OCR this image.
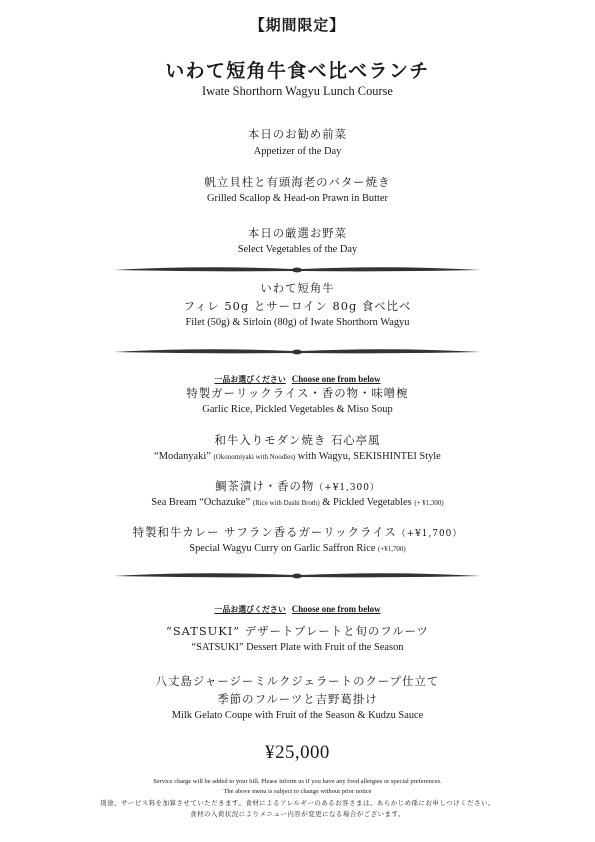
【期間限定】
いわて短角牛食べ比べランチ
Iwate Shorthorn Wagyu Lunch Course
本日のお勧め前菜
Appetizer of the Day
帆立貝柱と有頭海老のバター焼き
Grilled Scallop & Head-on Prawn in Butter
本日の厳選お野菜
Select Vegetables of the Day
いわて短角牛
フィレ 50g とサーロイン 80g 食べ比べ
Filet (50g) & Sirloin (80g) of Iwate Shorthorn Wagyu
一品お選びください Choose one from below
特製ガーリックライス・香の物・味噌椀
Garlic Rice, Pickled Vegetables & Miso Soup
和牛入りモダン焼き 石心亭風
“Modanyaki” (Okonomiyaki with Noodles) with Wagyu, SEKISHINTEI Style
鯛茶漬け・香の物（+¥1,300）
Sea Bream “Ochazuke” (Rice with Dashi Broth) & Pickled Vegetables (+ ¥1,300)
特製和牛カレー サフラン香るガーリックライス（+¥1,700）
Special Wagyu Curry on Garlic Saffron Rice (+¥1,700)
一品お選びください Choose one from below
“SATSUKI” デザートプレートと旬のフルーツ
“SATSUKI” Dessert Plate with Fruit of the Season
八丈島ジャージーミルクジェラートのクープ仕立て
季節のフルーツと吉野葛掛け
Milk Gelato Coupe with Fruit of the Season & Kudzu Sauce
¥25,000
Service charge will be added to your bill. Please inform us if you have any food allergies or special preferences.
The above menu is subject to change without prior notice
別途、サービス料を加算させていただきます。食材によるアレルギーのあるお客さまは、あらかじめ係にお申しつけください。
食材の入荷状況によりメニュー内容が変更になる場合がございます。
